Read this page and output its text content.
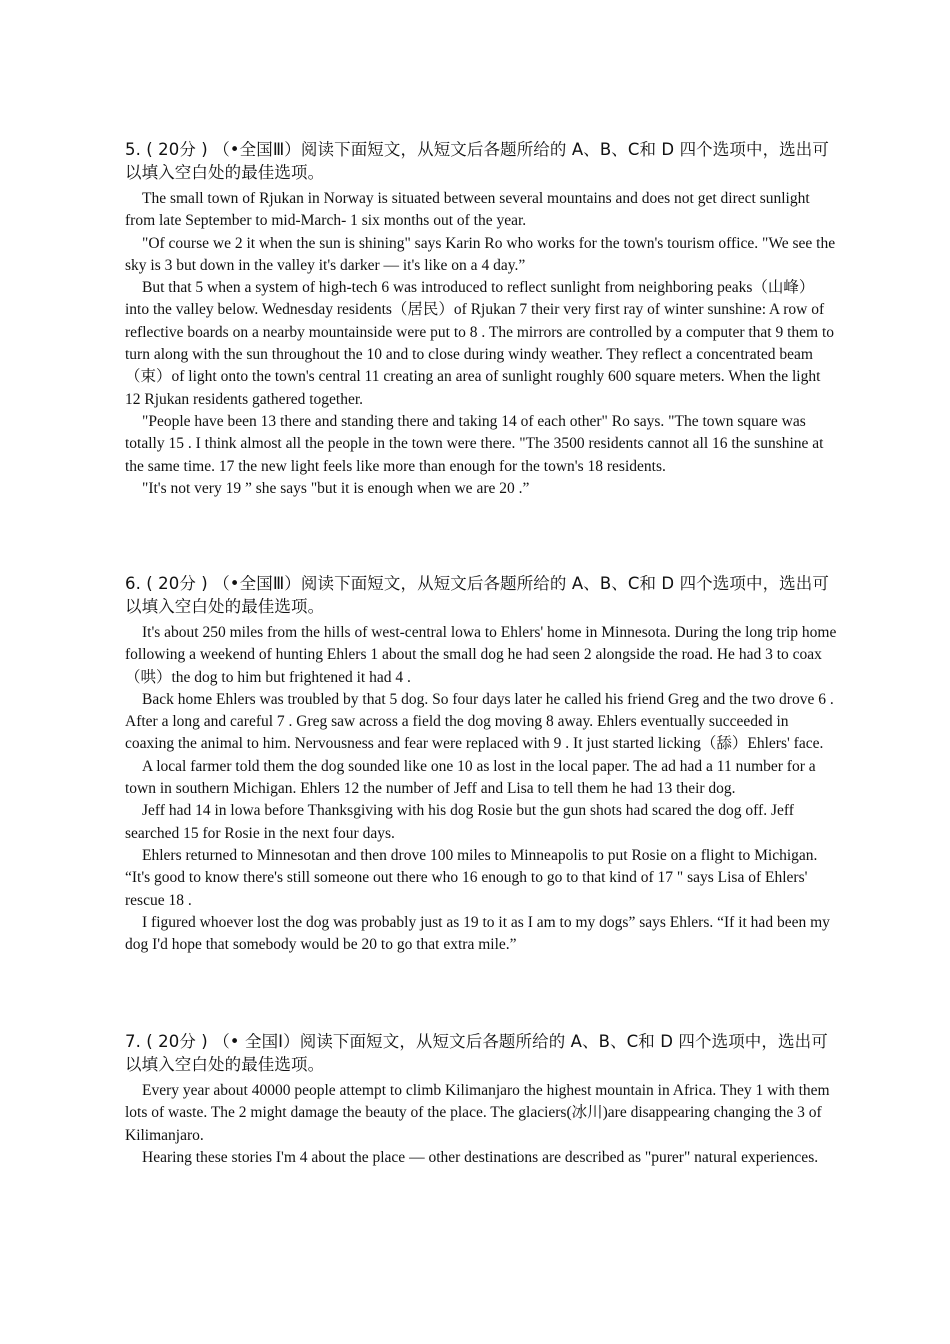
5. ( 20分 ) （•全国Ⅲ）阅读下面短文，从短文后各题所给的 A、B、C和 D 四个选项中，选出可
以填入空白处的最佳选项。

The small town of Rjukan in Norway is situated between several mountains and does not get direct sunlight from late September to mid-March- 1 six months out of the year.

"Of course we 2 it when the sun is shining" says Karin Ro who works for the town's tourism office. "We see the sky is 3 but down in the valley it's darker — it's like on a 4 day.”

But that 5 when a system of high-tech 6 was introduced to reflect sunlight from neighboring peaks（山峰）into the valley below. Wednesday residents（居民）of Rjukan 7 their very first ray of winter sunshine: A row of reflective boards on a nearby mountainside were put to 8 . The mirrors are controlled by a computer that 9 them to turn along with the sun throughout the 10 and to close during windy weather. They reflect a concentrated beam（束）of light onto the town's central 11 creating an area of sunlight roughly 600 square meters. When the light 12 Rjukan residents gathered together.

"People have been 13 there and standing there and taking 14 of each other" Ro says. "The town square was totally 15 . I think almost all the people in the town were there. "The 3500 residents cannot all 16 the sunshine at the same time. 17 the new light feels like more than enough for the town's 18 residents.

"It's not very 19 ” she says "but it is enough when we are 20 .”

6. ( 20分 ) （•全国Ⅲ）阅读下面短文，从短文后各题所给的 A、B、C和 D 四个选项中，选出可
以填入空白处的最佳选项。

It's about 250 miles from the hills of west-central lowa to Ehlers' home in Minnesota. During the long trip home following a weekend of hunting Ehlers 1 about the small dog he had seen 2 alongside the road. He had 3 to coax（哄）the dog to him but frightened it had 4 .

Back home Ehlers was troubled by that 5 dog. So four days later he called his friend Greg and the two drove 6 . After a long and careful 7 . Greg saw across a field the dog moving 8 away. Ehlers eventually succeeded in coaxing the animal to him. Nervousness and fear were replaced with 9 . It just started licking（舔）Ehlers' face.

A local farmer told them the dog sounded like one 10 as lost in the local paper. The ad had a 11 number for a town in southern Michigan. Ehlers 12 the number of Jeff and Lisa to tell them he had 13 their dog.

Jeff had 14 in lowa before Thanksgiving with his dog Rosie but the gun shots had scared the dog off. Jeff searched 15 for Rosie in the next four days.

Ehlers returned to Minnesotan and then drove 100 miles to Minneapolis to put Rosie on a flight to Michigan. “It's good to know there's still someone out there who 16 enough to go to that kind of 17 " says Lisa of Ehlers' rescue 18 .

I figured whoever lost the dog was probably just as 19 to it as I am to my dogs” says Ehlers. “If it had been my dog I'd hope that somebody would be 20 to go that extra mile.”

7. ( 20分 ) （• 全国Ⅰ）阅读下面短文，从短文后各题所给的 A、B、C和 D 四个选项中，选出可
以填入空白处的最佳选项。

Every year about 40000 people attempt to climb Kilimanjaro the highest mountain in Africa. They 1 with them lots of waste. The 2 might damage the beauty of the place. The glaciers(冰川)are disappearing changing the 3 of Kilimanjaro.

Hearing these stories I'm 4 about the place — other destinations are described as "purer" natural experiences.
